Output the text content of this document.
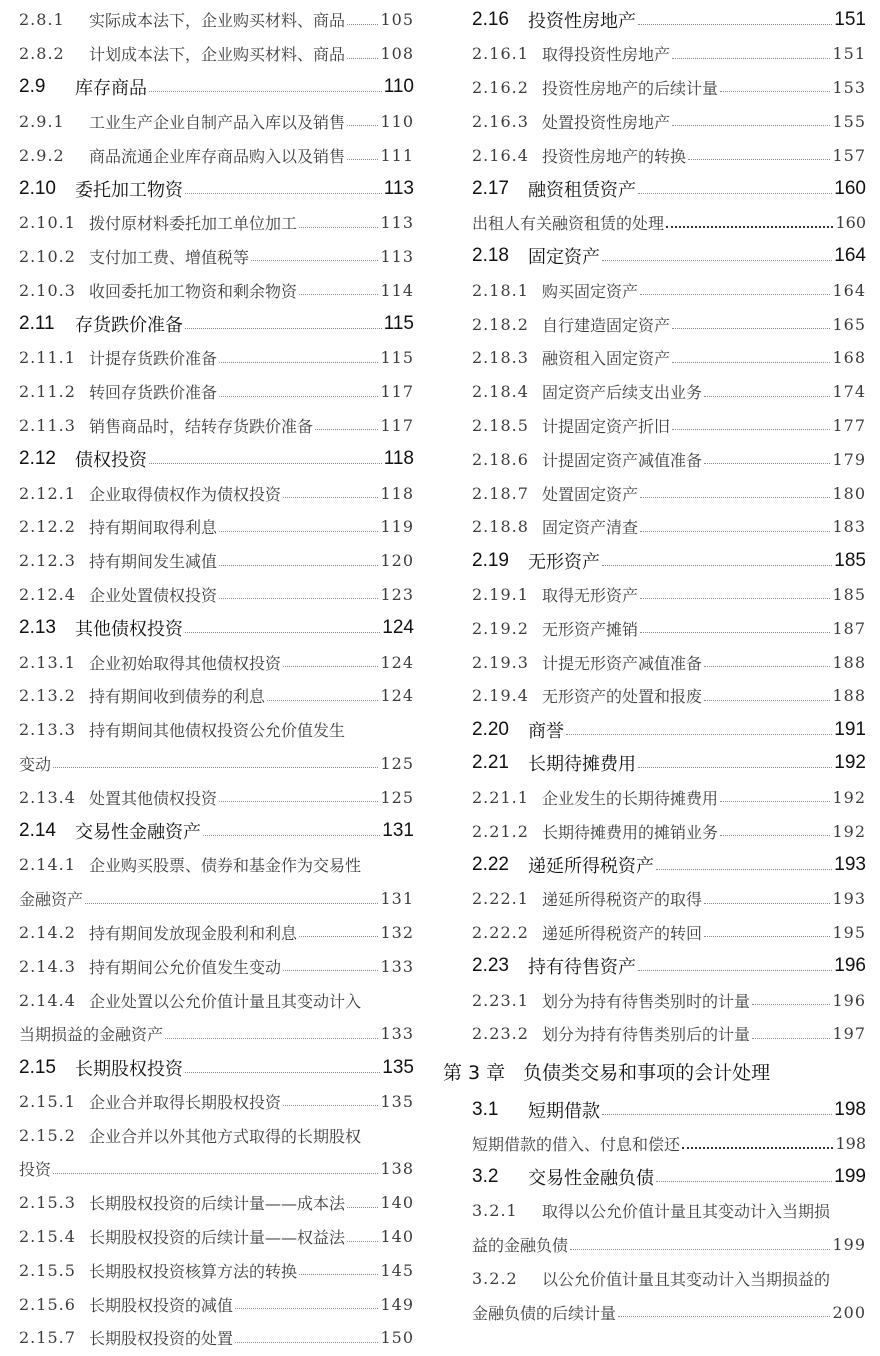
2.8.1	实际成本法下，企业购买材料、商品 105
2.8.2	计划成本法下，企业购买材料、商品 108
2.9	库存商品	110
2.9.1	工业生产企业自制产品入库以及销售 110
2.9.2	商品流通企业库存商品购入以及销售 111
2.10	委托加工物资	113
2.10.1 拨付原材料委托加工单位加工	113
2.10.2 支付加工费、增值税等	113
2.10.3 收回委托加工物资和剩余物资	114
2.11	存货跌价准备	115
2.11.1 计提存货跌价准备	115
2.11.2 转回存货跌价准备	117
2.11.3 销售商品时，结转存货跌价准备	117
2.12	债权投资	118
2.12.1 企业取得债权作为债权投资	118
2.12.2 持有期间取得利息	119
2.12.3 持有期间发生减值	120
2.12.4 企业处置债权投资	123
2.13	其他债权投资	124
2.13.1 企业初始取得其他债权投资	124
2.13.2 持有期间收到债券的利息	124
2.13.3 持有期间其他债权投资公允价值发生
变动	125
2.13.4 处置其他债权投资	125
2.14	交易性金融资产	131
2.14.1 企业购买股票、债券和基金作为交易性
金融资产	131
2.14.2 持有期间发放现金股利和利息	132
2.14.3 持有期间公允价值发生变动	133
2.14.4 企业处置以公允价值计量且其变动计入
当期损益的金融资产	133
2.15	长期股权投资	135
2.15.1 企业合并取得长期股权投资	135
2.15.2 企业合并以外其他方式取得的长期股权
投资	138
2.15.3 长期股权投资的后续计量——成本法 140
2.15.4 长期股权投资的后续计量——权益法 140
2.15.5 长期股权投资核算方法的转换	145
2.15.6 长期股权投资的减值	149
2.15.7 长期股权投资的处置	150
2.16	投资性房地产	151
2.16.1 取得投资性房地产	151
2.16.2 投资性房地产的后续计量	153
2.16.3 处置投资性房地产	155
2.16.4 投资性房地产的转换	157
2.17	融资租赁资产	160
出租人有关融资租赁的处理	160
2.18	固定资产	164
2.18.1 购买固定资产	164
2.18.2 自行建造固定资产	165
2.18.3 融资租入固定资产	168
2.18.4 固定资产后续支出业务	174
2.18.5 计提固定资产折旧	177
2.18.6 计提固定资产减值准备	179
2.18.7 处置固定资产	180
2.18.8 固定资产清查	183
2.19	无形资产	185
2.19.1 取得无形资产	185
2.19.2 无形资产摊销	187
2.19.3 计提无形资产减值准备	188
2.19.4 无形资产的处置和报废	188
2.20	商誉	191
2.21	长期待摊费用	192
2.21.1 企业发生的长期待摊费用	192
2.21.2 长期待摊费用的摊销业务	192
2.22	递延所得税资产	193
2.22.1 递延所得税资产的取得	193
2.22.2 递延所得税资产的转回	195
2.23	持有待售资产	196
2.23.1 划分为持有待售类别时的计量	196
2.23.2 划分为持有待售类别后的计量	197
第 3 章 负债类交易和事项的会计处理
3.1	短期借款	198
短期借款的借入、付息和偿还	198
3.2	交易性金融负债	199
3.2.1	取得以公允价值计量且其变动计入当期损
益的金融负债	199
3.2.2	以公允价值计量且其变动计入当期损益的
金融负债的后续计量	200
